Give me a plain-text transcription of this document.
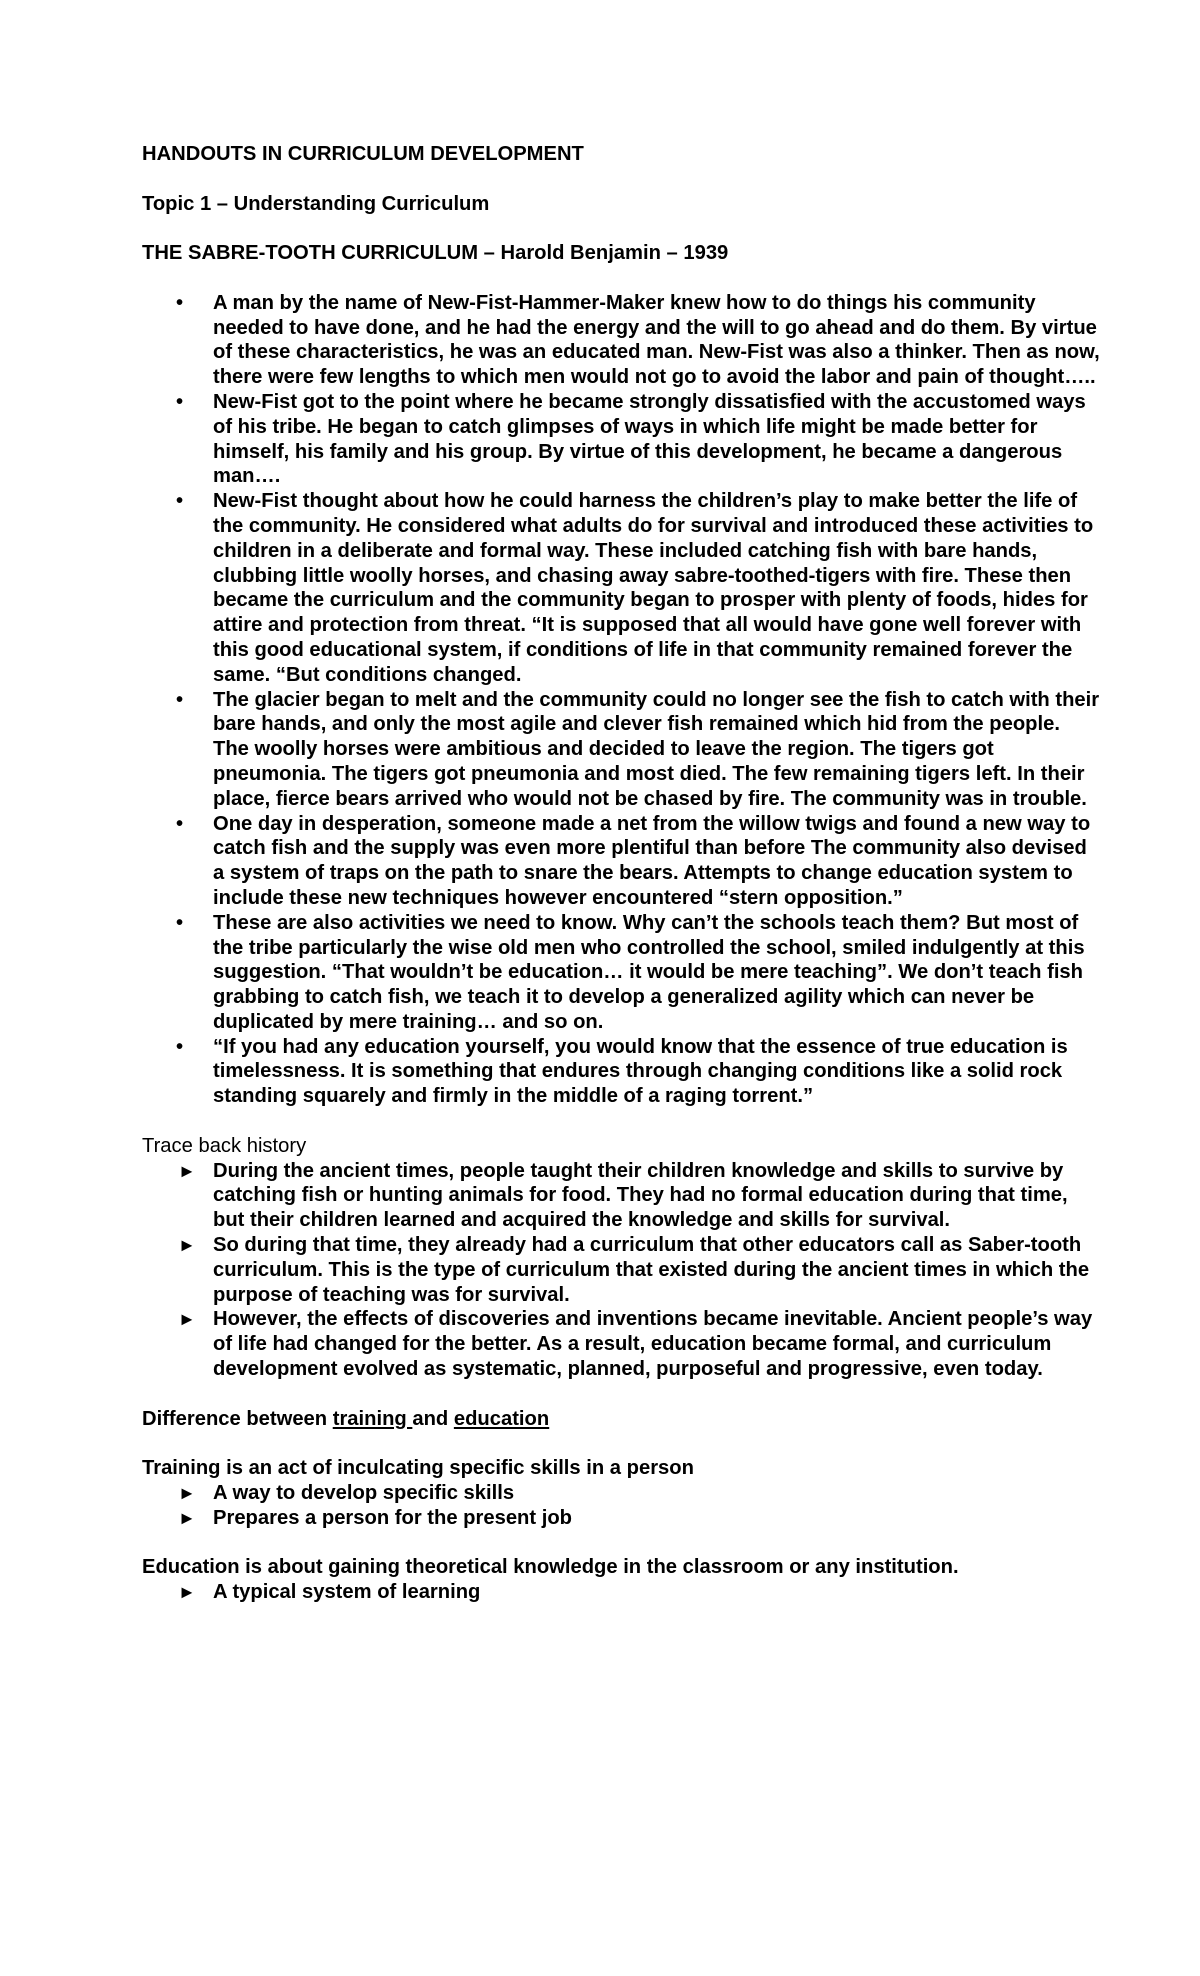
HANDOUTS IN CURRICULUM DEVELOPMENT

Topic 1 – Understanding Curriculum

THE SABRE-TOOTH CURRICULUM – Harold Benjamin – 1939

• A man by the name of New-Fist-Hammer-Maker knew how to do things his community needed to have done, and he had the energy and the will to go ahead and do them. By virtue of these characteristics, he was an educated man. New-Fist was also a thinker. Then as now, there were few lengths to which men would not go to avoid the labor and pain of thought…..
• New-Fist got to the point where he became strongly dissatisfied with the accustomed ways of his tribe. He began to catch glimpses of ways in which life might be made better for himself, his family and his group. By virtue of this development, he became a dangerous man….
• New-Fist thought about how he could harness the children’s play to make better the life of the community. He considered what adults do for survival and introduced these activities to children in a deliberate and formal way. These included catching fish with bare hands, clubbing little woolly horses, and chasing away sabre-toothed-tigers with fire. These then became the curriculum and the community began to prosper with plenty of foods, hides for attire and protection from threat. “It is supposed that all would have gone well forever with this good educational system, if conditions of life in that community remained forever the same. “But conditions changed.
• The glacier began to melt and the community could no longer see the fish to catch with their bare hands, and only the most agile and clever fish remained which hid from the people. The woolly horses were ambitious and decided to leave the region. The tigers got pneumonia. The tigers got pneumonia and most died. The few remaining tigers left. In their place, fierce bears arrived who would not be chased by fire. The community was in trouble.
• One day in desperation, someone made a net from the willow twigs and found a new way to catch fish and the supply was even more plentiful than before The community also devised a system of traps on the path to snare the bears. Attempts to change education system to include these new techniques however encountered “stern opposition.”
• These are also activities we need to know. Why can’t the schools teach them? But most of the tribe particularly the wise old men who controlled the school, smiled indulgently at this suggestion. “That wouldn’t be education… it would be mere teaching”. We don’t teach fish grabbing to catch fish, we teach it to develop a generalized agility which can never be duplicated by mere training… and so on.
• “If you had any education yourself, you would know that the essence of true education is timelessness. It is something that endures through changing conditions like a solid rock standing squarely and firmly in the middle of a raging torrent.”
Trace back history
► During the ancient times, people taught their children knowledge and skills to survive by catching fish or hunting animals for food. They had no formal education during that time, but their children learned and acquired the knowledge and skills for survival.
► So during that time, they already had a curriculum that other educators call as Saber-tooth curriculum. This is the type of curriculum that existed during the ancient times in which the purpose of teaching was for survival.
► However, the effects of discoveries and inventions became inevitable. Ancient people’s way of life had changed for the better. As a result, education became formal, and curriculum development evolved as systematic, planned, purposeful and progressive, even today.

Difference between training and education

Training is an act of inculcating specific skills in a person
► A way to develop specific skills
► Prepares a person for the present job
Education is about gaining theoretical knowledge in the classroom or any institution.
► A typical system of learning
